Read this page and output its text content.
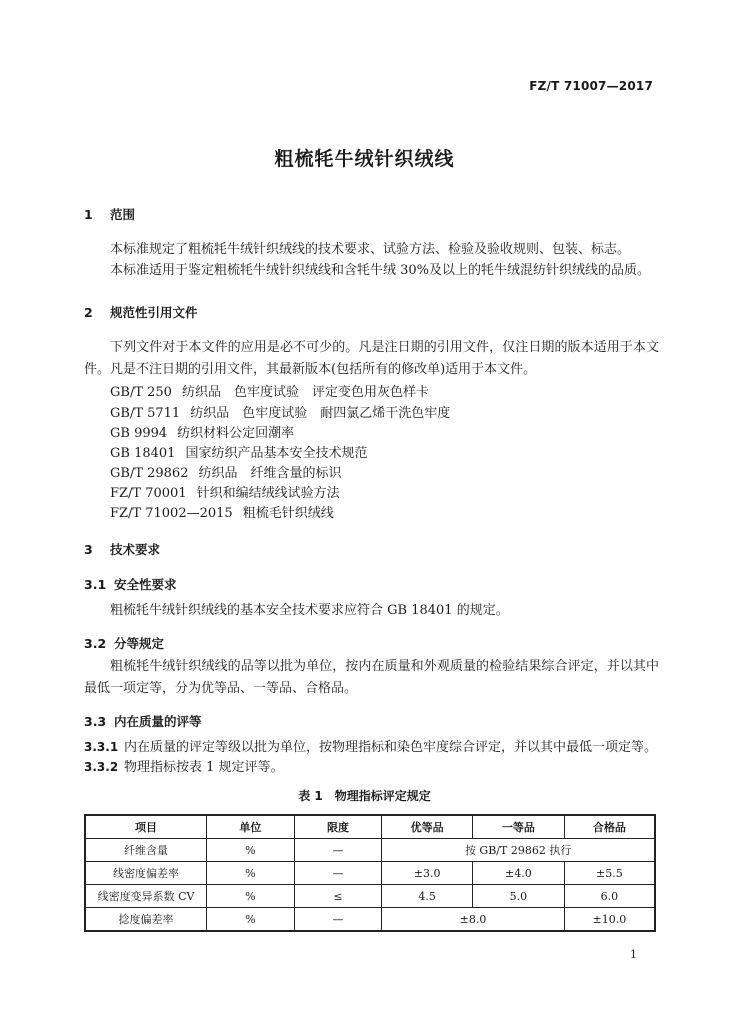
FZ/T 71007—2017
粗梳牦牛绒针织绒线
1 范围
本标准规定了粗梳牦牛绒针织绒线的技术要求、试验方法、检验及验收规则、包装、标志。
本标准适用于鉴定粗梳牦牛绒针织绒线和含牦牛绒 30%及以上的牦牛绒混纺针织绒线的品质。
2 规范性引用文件
下列文件对于本文件的应用是必不可少的。凡是注日期的引用文件，仅注日期的版本适用于本文件。凡是不注日期的引用文件，其最新版本(包括所有的修改单)适用于本文件。
GB/T 250 纺织品　色牢度试验　评定变色用灰色样卡
GB/T 5711 纺织品　色牢度试验　耐四氯乙烯干洗色牢度
GB 9994 纺织材料公定回潮率
GB 18401 国家纺织产品基本安全技术规范
GB/T 29862 纺织品　纤维含量的标识
FZ/T 70001 针织和编结绒线试验方法
FZ/T 71002—2015 粗梳毛针织绒线
3 技术要求
3.1 安全性要求
粗梳牦牛绒针织绒线的基本安全技术要求应符合 GB 18401 的规定。
3.2 分等规定
粗梳牦牛绒针织绒线的品等以批为单位，按内在质量和外观质量的检验结果综合评定，并以其中最低一项定等，分为优等品、一等品、合格品。
3.3 内在质量的评等
3.3.1 内在质量的评定等级以批为单位，按物理指标和染色牢度综合评定，并以其中最低一项定等。
3.3.2 物理指标按表 1 规定评等。
表 1　物理指标评定规定
项目	单位	限度	优等品	一等品	合格品
纤维含量	%	—	按 GB/T 29862 执行		
线密度偏差率	%	—	±3.0	±4.0	±5.5
线密度变异系数 CV	%	≤	4.5	5.0	6.0
捻度偏差率	%	—	±8.0		±10.0
1
